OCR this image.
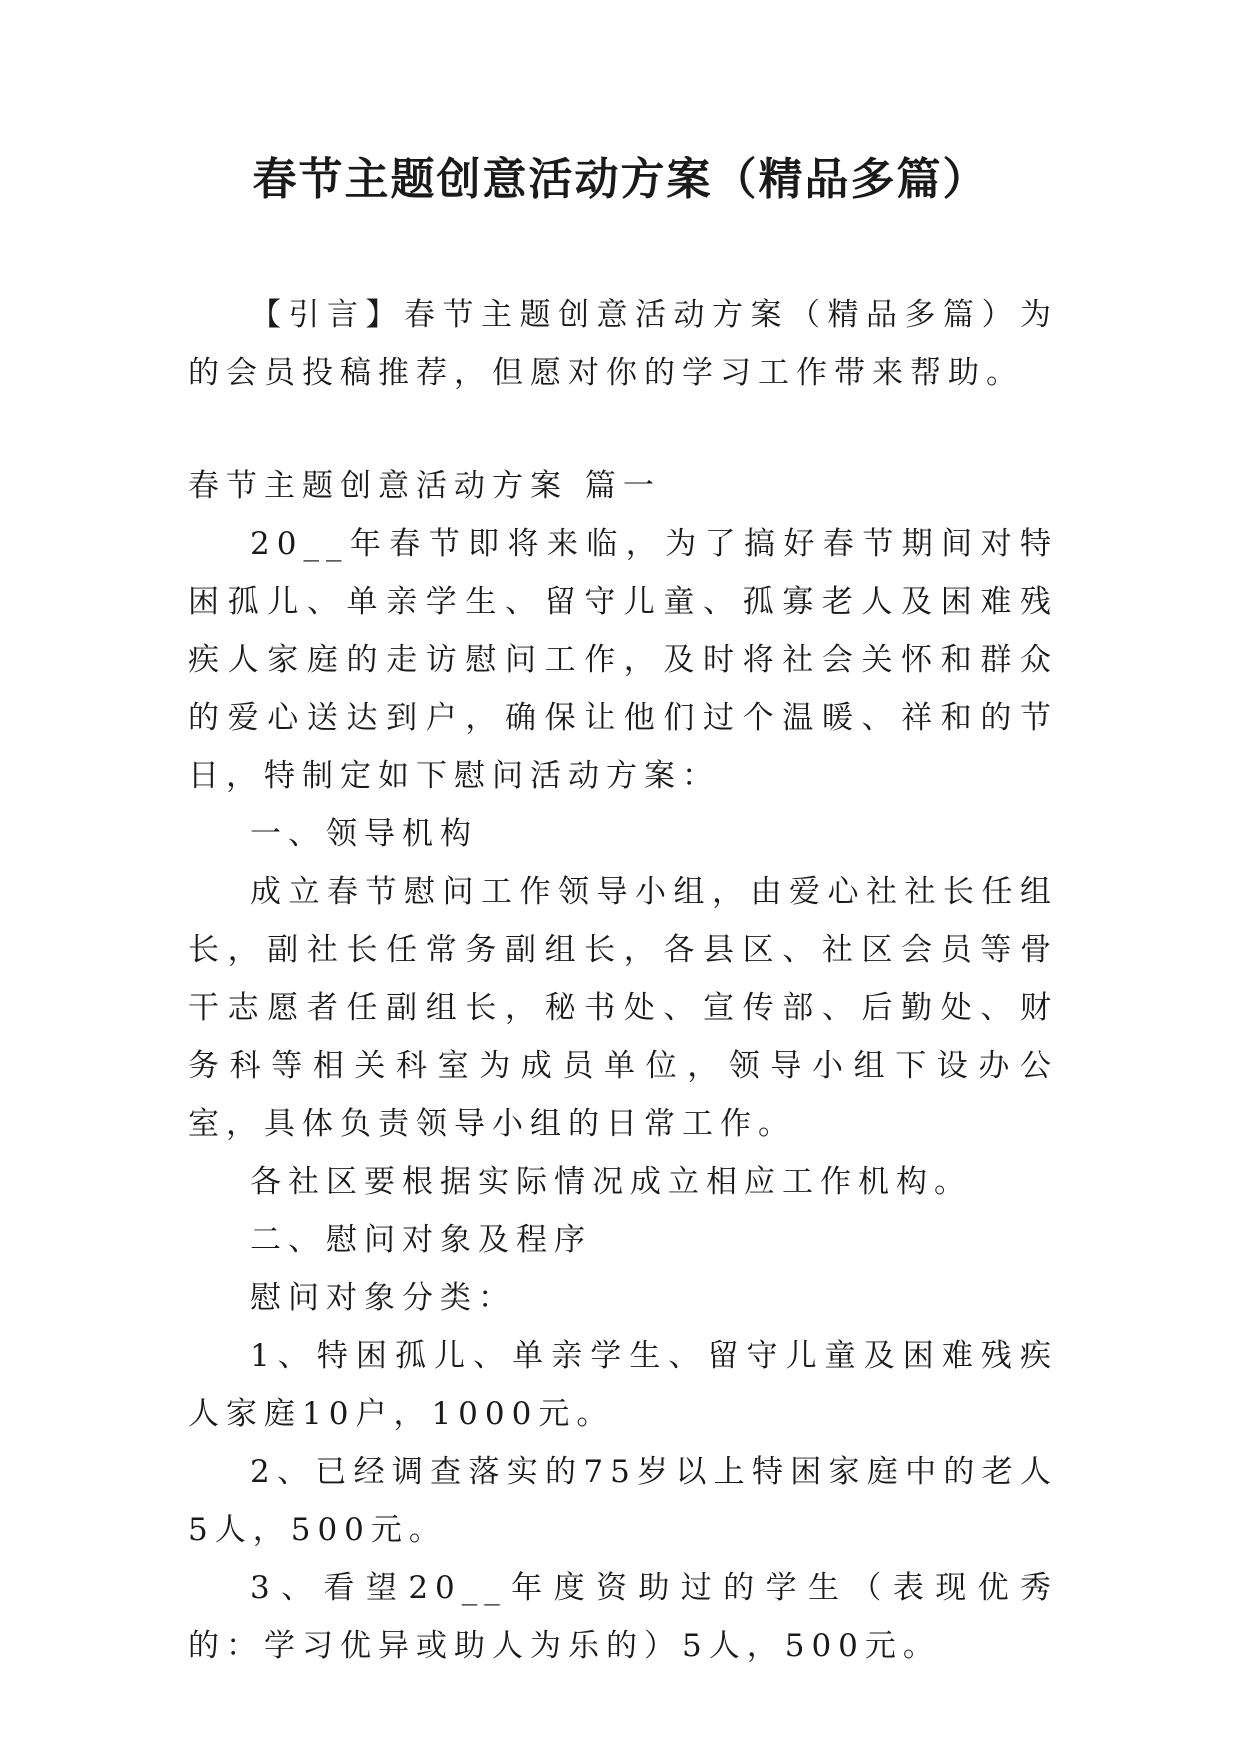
春节主题创意活动方案（精品多篇）

【引言】春节主题创意活动方案（精品多篇）为的会员投稿推荐，但愿对你的学习工作带来帮助。

春节主题创意活动方案 篇一

20__年春节即将来临，为了搞好春节期间对特困孤儿、单亲学生、留守儿童、孤寡老人及困难残疾人家庭的走访慰问工作，及时将社会关怀和群众的爱心送达到户，确保让他们过个温暖、祥和的节日，特制定如下慰问活动方案：

一、领导机构

成立春节慰问工作领导小组，由爱心社社长任组长，副社长任常务副组长，各县区、社区会员等骨干志愿者任副组长，秘书处、宣传部、后勤处、财务科等相关科室为成员单位，领导小组下设办公室，具体负责领导小组的日常工作。

各社区要根据实际情况成立相应工作机构。

二、慰问对象及程序

慰问对象分类：

1、特困孤儿、单亲学生、留守儿童及困难残疾人家庭10户，1000元。

2、已经调查落实的75岁以上特困家庭中的老人5人，500元。

3、看望20__年度资助过的学生（表现优秀的：学习优异或助人为乐的）5人，500元。
